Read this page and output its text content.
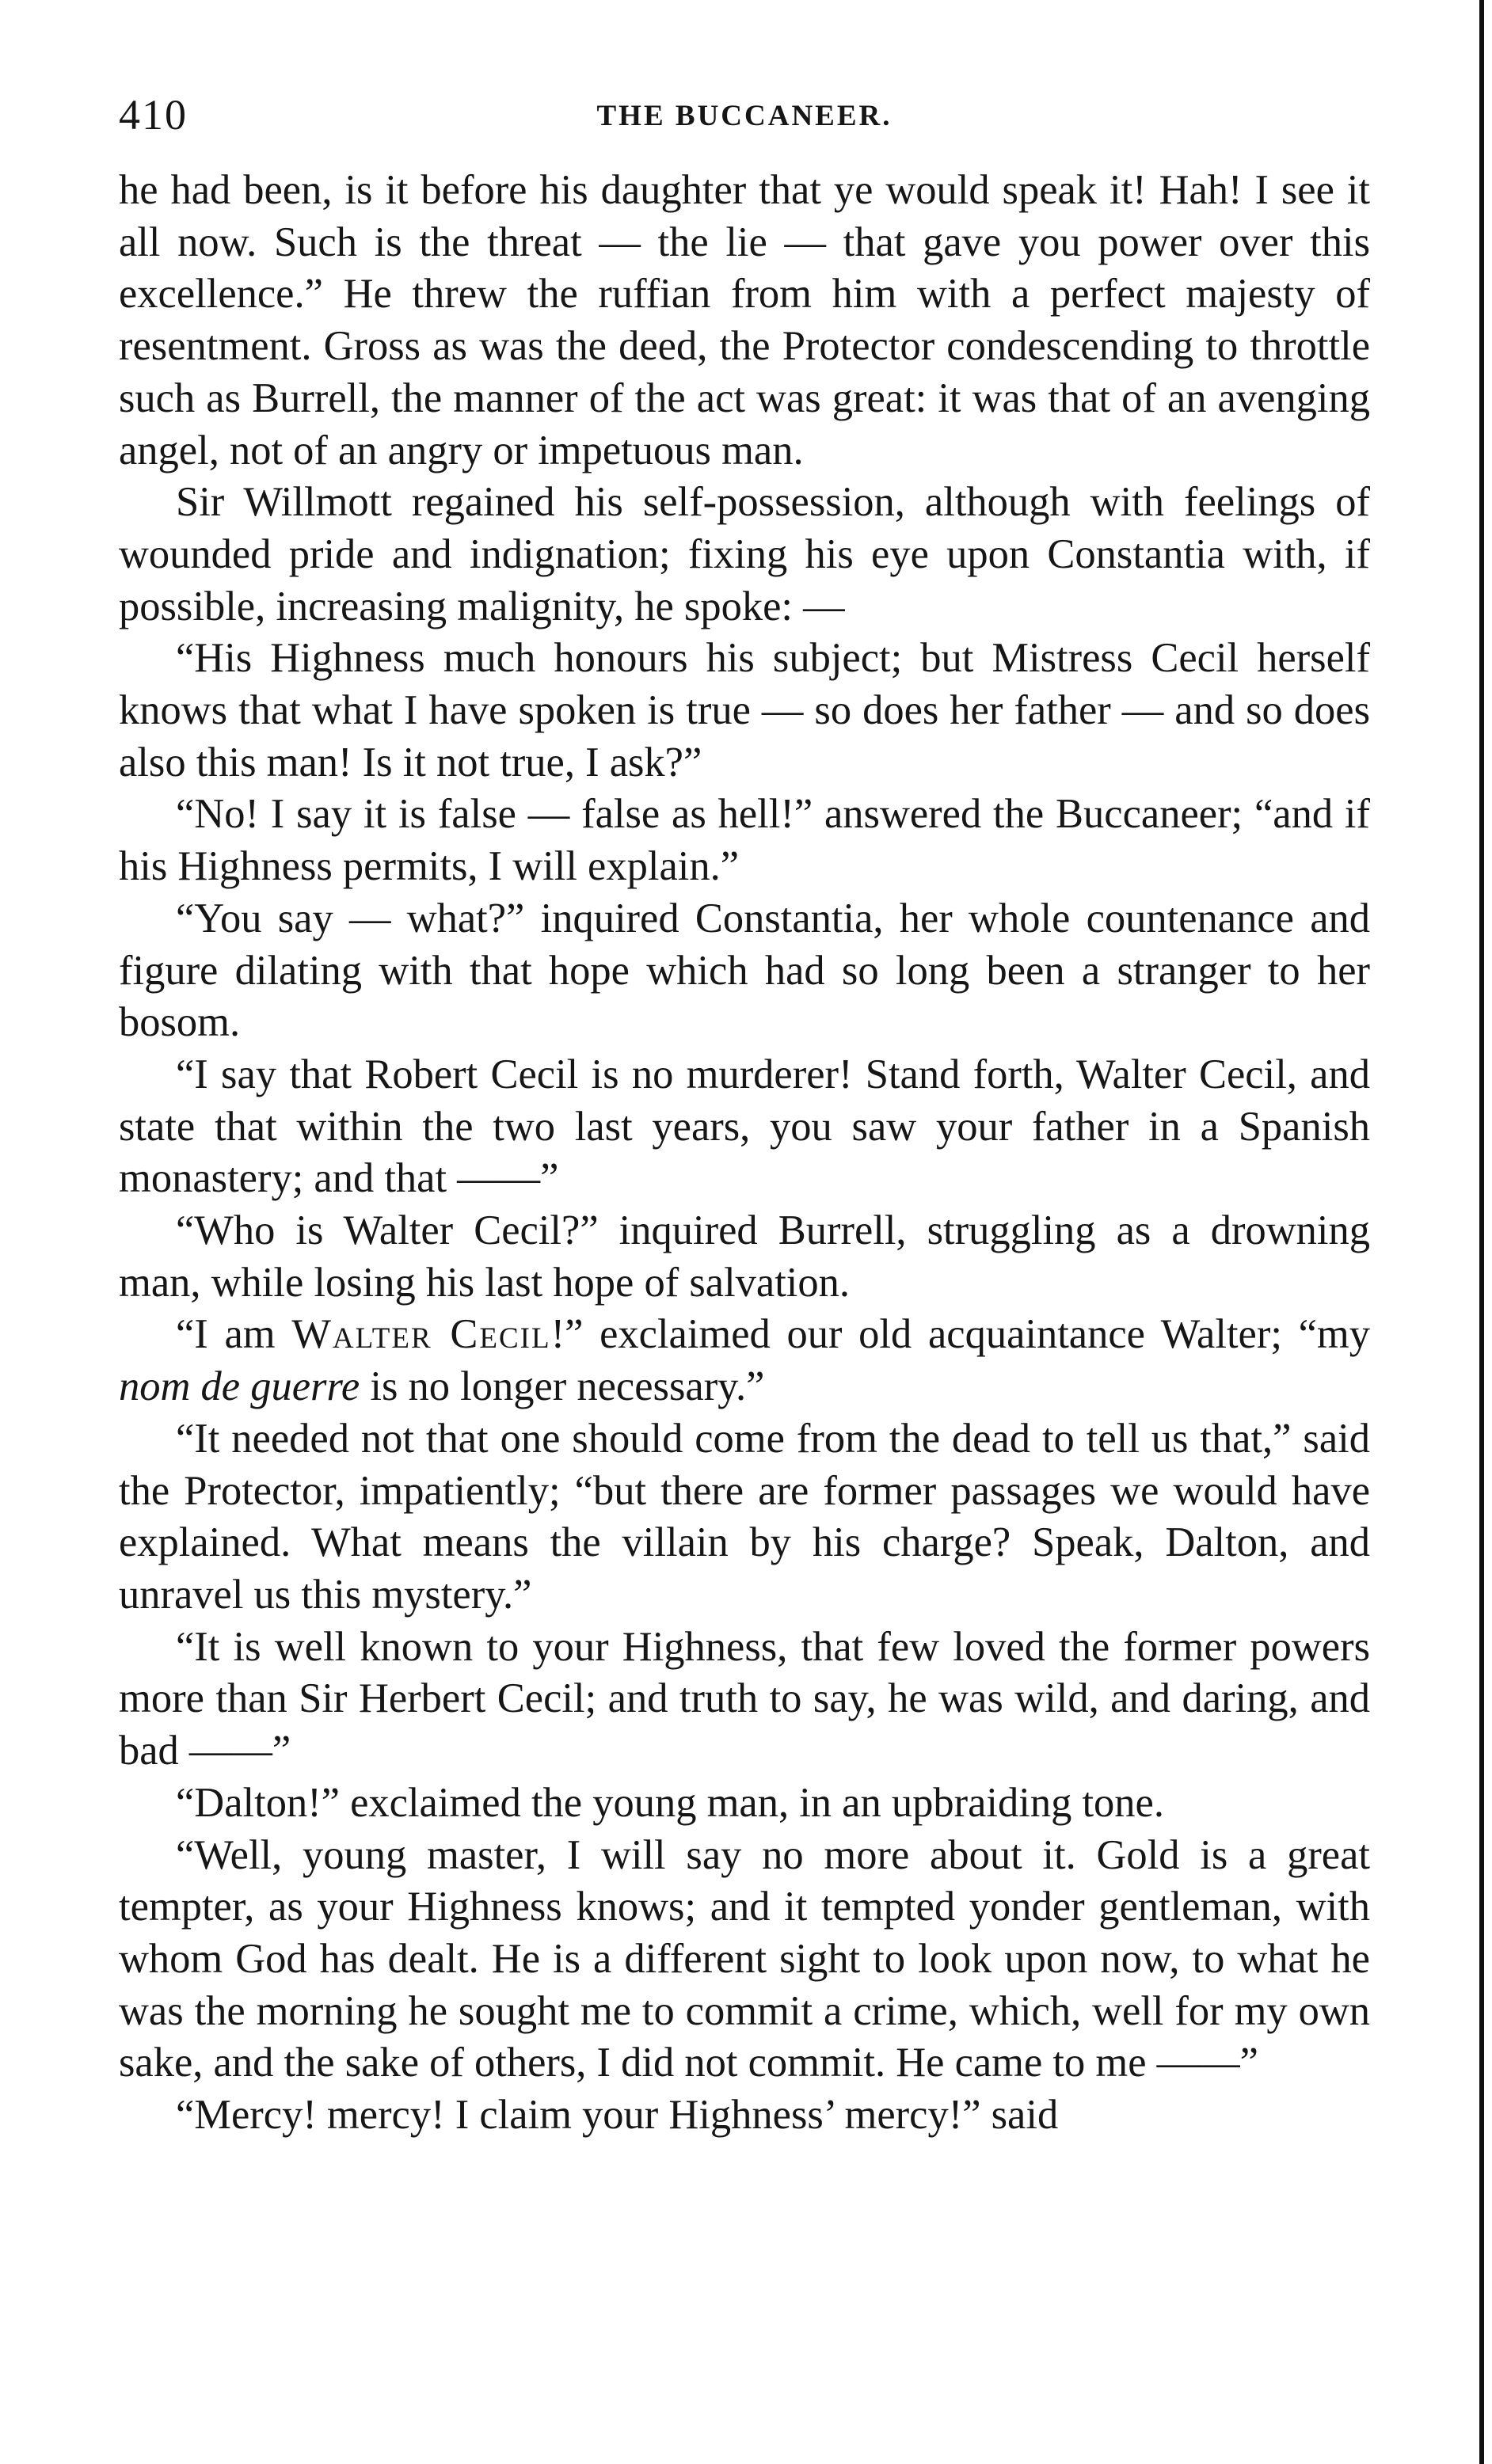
410	THE BUCCANEER.

he had been, is it before his daughter that ye would speak it! Hah! I see it all now. Such is the threat — the lie — that gave you power over this excellence.” He threw the ruffian from him with a perfect majesty of resentment. Gross as was the deed, the Protector condescending to throttle such as Burrell, the manner of the act was great: it was that of an avenging angel, not of an angry or impetuous man.

Sir Willmott regained his self-possession, although with feelings of wounded pride and indignation; fixing his eye upon Constantia with, if possible, increasing malignity, he spoke: —

“His Highness much honours his subject; but Mistress Cecil herself knows that what I have spoken is true — so does her father — and so does also this man! Is it not true, I ask?”

“No! I say it is false — false as hell!” answered the Buccaneer; “and if his Highness permits, I will explain.”

“You say — what?” inquired Constantia, her whole countenance and figure dilating with that hope which had so long been a stranger to her bosom.

“I say that Robert Cecil is no murderer! Stand forth, Walter Cecil, and state that within the two last years, you saw your father in a Spanish monastery; and that ——”

“Who is Walter Cecil?” inquired Burrell, struggling as a drowning man, while losing his last hope of salvation.

“I am Walter Cecil!” exclaimed our old acquaintance Walter; “my nom de guerre is no longer necessary.”

“It needed not that one should come from the dead to tell us that,” said the Protector, impatiently; “but there are former passages we would have explained. What means the villain by his charge? Speak, Dalton, and unravel us this mystery.”

“It is well known to your Highness, that few loved the former powers more than Sir Herbert Cecil; and truth to say, he was wild, and daring, and bad ——”

“Dalton!” exclaimed the young man, in an upbraiding tone.

“Well, young master, I will say no more about it. Gold is a great tempter, as your Highness knows; and it tempted yonder gentleman, with whom God has dealt. He is a different sight to look upon now, to what he was the morning he sought me to commit a crime, which, well for my own sake, and the sake of others, I did not commit. He came to me ——”

“Mercy! mercy! I claim your Highness’ mercy!” said
